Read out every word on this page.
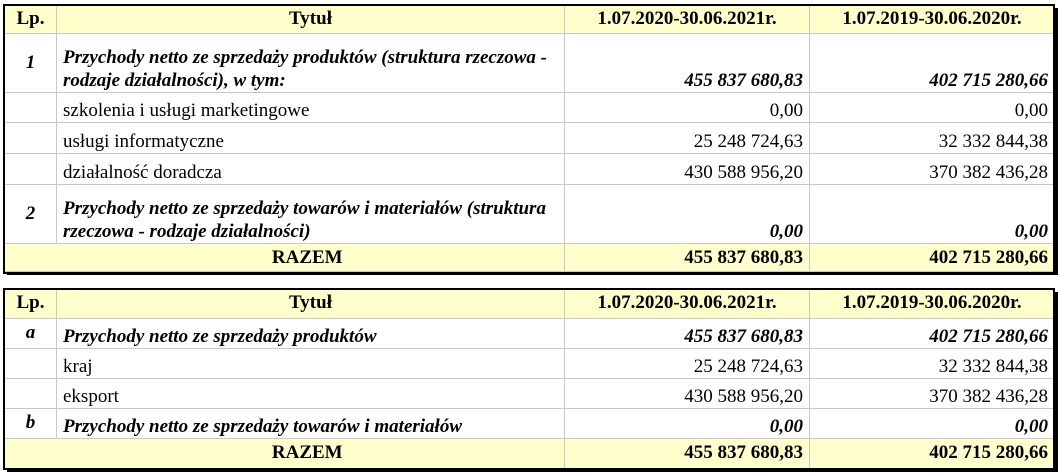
Lp.	Tytuł	1.07.2020-30.06.2021r.	1.07.2019-30.06.2020r.
1	Przychody netto ze sprzedaży produktów (struktura rzeczowa - rodzaje działalności), w tym:	455 837 680,83	402 715 280,66
	szkolenia i usługi marketingowe	0,00	0,00
	usługi informatyczne	25 248 724,63	32 332 844,38
	działalność doradcza	430 588 956,20	370 382 436,28
2	Przychody netto ze sprzedaży towarów i materiałów (struktura rzeczowa - rodzaje działalności)	0,00	0,00
	RAZEM	455 837 680,83	402 715 280,66
Lp.	Tytuł	1.07.2020-30.06.2021r.	1.07.2019-30.06.2020r.
a	Przychody netto ze sprzedaży produktów	455 837 680,83	402 715 280,66
	kraj	25 248 724,63	32 332 844,38
	eksport	430 588 956,20	370 382 436,28
b	Przychody netto ze sprzedaży towarów i materiałów	0,00	0,00
	RAZEM	455 837 680,83	402 715 280,66
